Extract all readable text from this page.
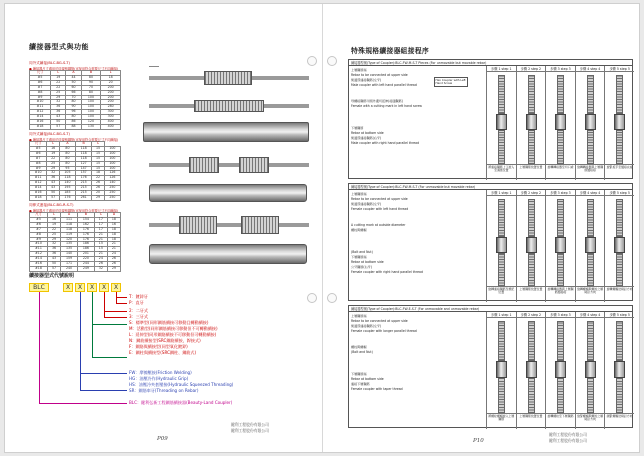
續接器型式與功能
同外式續接(BLC-BG-S-T)
● 續接器尺寸適用於同規格鋼筋(可採用符合需要尺寸不同續接)
尺寸	L	A	B	L
#5	19	44	80	18
#6	22	50	90	20
#7	22	60	70	200
#8	25	66	80	200
#9	29	70	100	200
#10	32	80	100	200
#11	36	90	100	280
#12	36	96	100	300
#14	43	80	100	300
#16	50	86	120	400
#18	57	88	130	400
同外式續接(BLC-BG-S-T)
● 續接器尺寸適用於同規格鋼筋(可採用符合需要尺寸不同續接)
尺寸	L	A	B	C	
#5	16	80	118	15	100
#6	19	80	118	15	100
#7	22	80	118	15	100
#8	25	80	127	15	100
#9	29	95	147	15	100
#10	32	105	157	18	126
#11	36	118	176	22	126
#12	43	140	215	26	140
#14	43	195	215	26	250
#16	50	185	215	20	250
#18	57	176	261	29	250
同伸式連接(BLC-BG-R-S-T)
● 續接器尺寸適用於同規格鋼筋(可採用符合需要尺寸不同續接)
尺寸	L	A	B	C	D
#5	16	111	154	17	18
#6	19	118	162	17	16
#7	22	118	176	17	18
#8	25	119	176	21	18
#9	29	120	176	21	18
#10	32	135	186	15	21
#11	36	135	186	15	21
#12	36	140	201	21	24
#14	43	159	220	24	26
#16	50	171	244	26	26
#18	57	240	249	32	29
續接器型式代號說明
BLC	X	X	X	X	X
T：鍍鋅牙
P：直牙
2：二牙式
3：三牙式
S：標準型(同形鋼筋續接可移動且轉動續接)
M：活動型(同形鋼筋續接可移動但不可轉動續接)
L：延伸型(同形鋼筋續接不可移動但可轉動續接)
N：鋼筋續接型(SRC鋼筋續接，銲接式)
F：鋼筋與續接型(同型氧化鍍鋅)
E：鋼柱與續接型(SRC鋼柱、鋼筋式)
FW：摩擦壓接(Friction Welding)
HG：油壓冷作(Hydraulic Grip)
HS：油壓冷夾套壓接(Hydraulic Squeezed Threading)
SR：鋼筋車牙(Threading on Rebar)
BLC：鍵利弘新工程鋼筋續接器(Beauty-Land Coupler)
鍵利工程股份有限公司
鍵利工程股份有限公司
P09
特殊規格續接器組接程序
續接器型號(Type of Coupler):BLC-FW-M-S-T Pieces (For unmovable but movable rebar)
Hex Coupler with Left Hand Screw
上層鋼筋端
Rebar to be connected at upper side
銜頭部連接鋼筋(左牙)
Male coupler with left hand parallel thread
母螺接鋼筋牛圈外邊切延伸(接頭鋼筋)
Female with a cutting mark in left hand screw
下層鋼筋
Rebar at bottom side
銜頭部連接鋼筋(右牙)
Male coupler with right hand parallel thread
步驟 1 step 1
將連接鋼筋上下旋入至適當位置
步驟 2 step 2
上層鋼筋放置位置
步驟 3 step 3
旋轉轉接器至切口處
步驟 4 step 4
旋轉轉接器與上層鋼筋續接接
步驟 5 step 5
旋緊扳手至續接完成
續接器型號(Type of Coupler):BLC-FW-M-S-T (For unmovable but movable rebar)
上層鋼筋端
Rebar to be connected at upper side
銜頭部連接鋼筋(左牙)
Female coupler with left hand thread
A cutting mark at outside diameter
螺栓與螺帽
(Bolt and Nut)
下層鋼筋端
Rebar at bottom side
公牙鋼筋(右牙)
Female coupler with right hand parallel thread
步驟 1 step 1
旋轉連接鋼筋至標記位置
步驟 2 step 2
上層鋼筋放置位置
步驟 3 step 3
旋轉轉接器與上層鋼筋續接接
步驟 4 step 4
旋轉螺帽與螺栓之順時針方向
步驟 5 step 5
旋轉螺帽逆時針方向
續接器型號(Type of Coupler):BLC-FW-E-S-T (For unmovable and unmovable rebar)
上層鋼筋端
Rebar to be connected at upper side
銜頭部連接鋼筋(左牙)
Female coupler with longer parallel thread
螺栓與螺帽
(Bolt and Nut)
下層鋼筋端
Rebar at bottom side
連接下層鋼筋
Female coupler with taper thread
步驟 1 step 1
將螺栓螺帽旋入上層鋼筋
步驟 2 step 2
上層鋼筋放置位置
步驟 3 step 3
旋轉螺栓至下層鋼筋
步驟 4 step 4
旋緊螺帽與螺栓之順時針方向
步驟 5 step 5
鎖緊螺帽逆時針方向
鍵利工程股份有限公司
鍵利工程股份有限公司
P10
